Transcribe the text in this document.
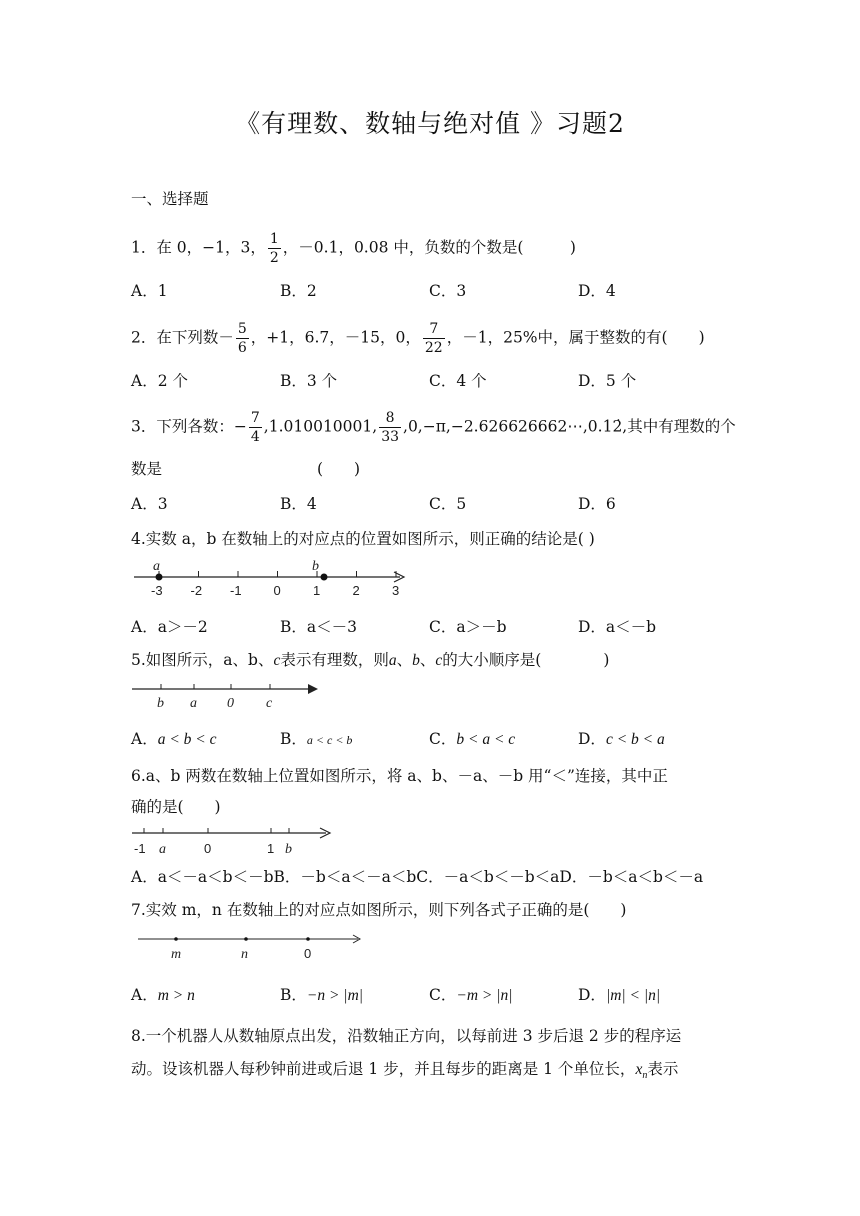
《有理数、数轴与绝对值 》习题2
一、选择题
1．在 0，−1，3， $\frac{1}{2}$ ，－0.1，0.08 中，负数的个数是(　　　)
A．1	B．2	C．3	D．4
2．在下列数－ $\frac{5}{6}$ ，+1，6.7，－15，0， $\frac{7}{22}$ ，－1，25%中，属于整数的有(　　)
A．2 个	B．3 个	C．4 个	D．5 个
3．下列各数：− $\frac{7}{4} ,1.010010001$, $\frac{8}{33}$ ,0,−π,−2.626626662⋯,0.12̇,其中有理数的个
数是　　　　　　　　　　(　　)
A．3	B．4	C．5	D．6
4.实数 a，b 在数轴上的对应点的位置如图所示，则正确的结论是( )
-3 -2 -1 0 1 2 3
a	b
A．a＞－2	B．a＜－3	C．a＞－b	D．a＜－b
5.如图所示，a、b、c表示有理数，则a、b、c的大小顺序是(　　　　)
b a 0 c
A．a < b < c	B．a < c < b	C．b < a < c	D．c < b < a
6.a、b 两数在数轴上位置如图所示，将 a、b、－a、－b 用“＜”连接，其中正
确的是(　　)
-1 a	0	1 b
A．a＜－a＜b＜－bB．－b＜a＜－a＜bC．－a＜b＜－b＜aD．－b＜a＜b＜－a
7.实效 m，n 在数轴上的对应点如图所示，则下列各式子正确的是(　　)
m	n	0
A．m > n	B．−n > |m|	C．−m > |n|	D．|m| < |n|
8.一个机器人从数轴原点出发，沿数轴正方向，以每前进 3 步后退 2 步的程序运
动。设该机器人每秒钟前进或后退 1 步，并且每步的距离是 1 个单位长，$x_n$表示
